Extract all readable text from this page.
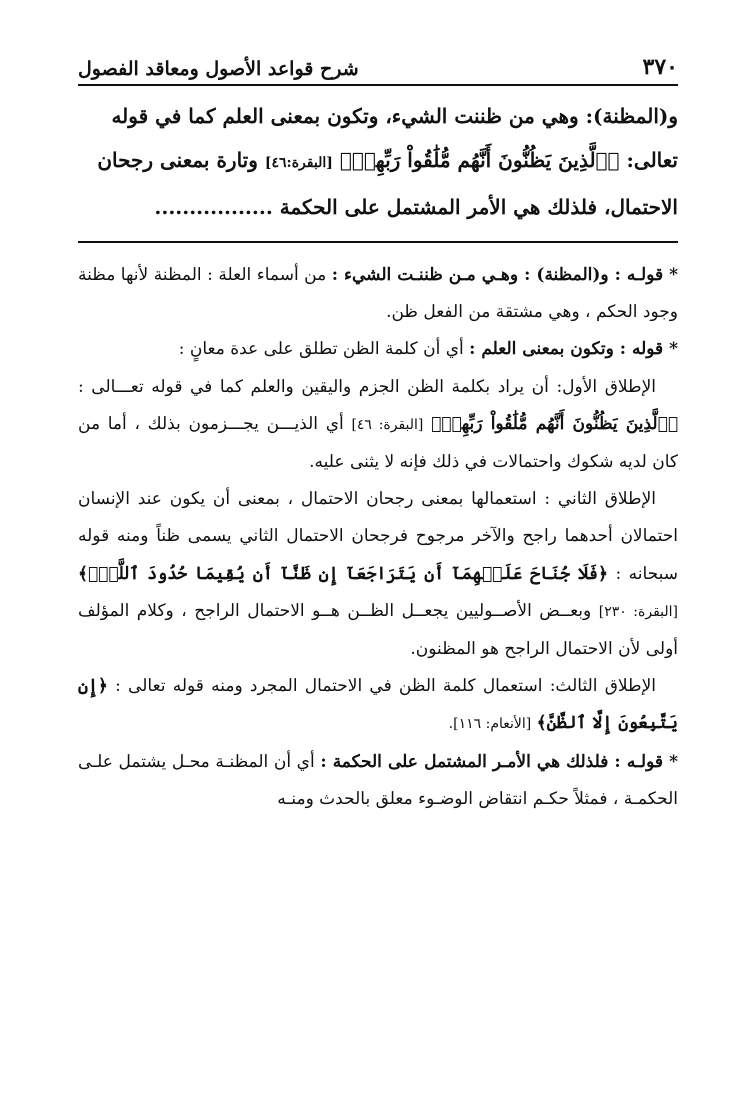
٣٧٠
شرح قواعد الأصول ومعاقد الفصول
و(المظنة): وهي من ظننت الشيء، وتكون بمعنى العلم كما في قوله
تعالى: ﴿ٱلَّذِينَ يَظُنُّونَ أَنَّهُم مُّلَٰقُواْ رَبِّهِمۡ﴾ [البقرة:٤٦] وتارة بمعنى رجحان
الاحتمال، فلذلك هي الأمر المشتمل على الحكمة .................

* قولـه : و(المظنة) : وهـي مـن ظننـت الشيء : من أسماء العلة : المظنة لأنها مظنة وجود الحكم ، وهي مشتقة من الفعل ظن.

* قوله : وتكون بمعنى العلم : أي أن كلمة الظن تطلق على عدة معانٍ :

الإطلاق الأول: أن يراد بكلمة الظن الجزم واليقين والعلم كما في قوله تعـــالى : ﴿ٱلَّذِينَ يَظُنُّونَ أَنَّهُم مُّلَٰقُواْ رَبِّهِمۡ﴾ [البقرة: ٤٦] أي الذيـــن يجـــزمون بذلك ، أما من كان لديه شكوك واحتمالات في ذلك فإنه لا يثنى عليه.

الإطلاق الثاني : استعمالها بمعنى رجحان الاحتمال ، بمعنى أن يكون عند الإنسان احتمالان أحدهما راجح والآخر مرجوح فرجحان الاحتمال الثاني يسمى ظناً ومنه قوله سبحانه : ﴿فَلَا جُنَاحَ عَلَيۡهِمَآ أَن يَتَرَاجَعَآ إِن ظَنَّآ أَن يُقِيمَا حُدُودَ ٱللَّهِۗ﴾ [البقرة: ٢٣٠] وبعــض الأصــوليين يجعــل الظــن هــو الاحتمال الراجح ، وكلام المؤلف أولى لأن الاحتمال الراجح هو المظنون.

الإطلاق الثالث: استعمال كلمة الظن في الاحتمال المجرد ومنه قوله تعالى : ﴿إِن يَتَّبِعُونَ إِلَّا ٱلظَّنَّ﴾ [الأنعام: ١١٦].

* قولـه : فلذلك هي الأمـر المشتمل على الحكمة : أي أن المظنـة محـل يشتمل علـى الحكمـة ، فمثلاً حكـم انتقاض الوضـوء معلق بالحدث ومنـه
